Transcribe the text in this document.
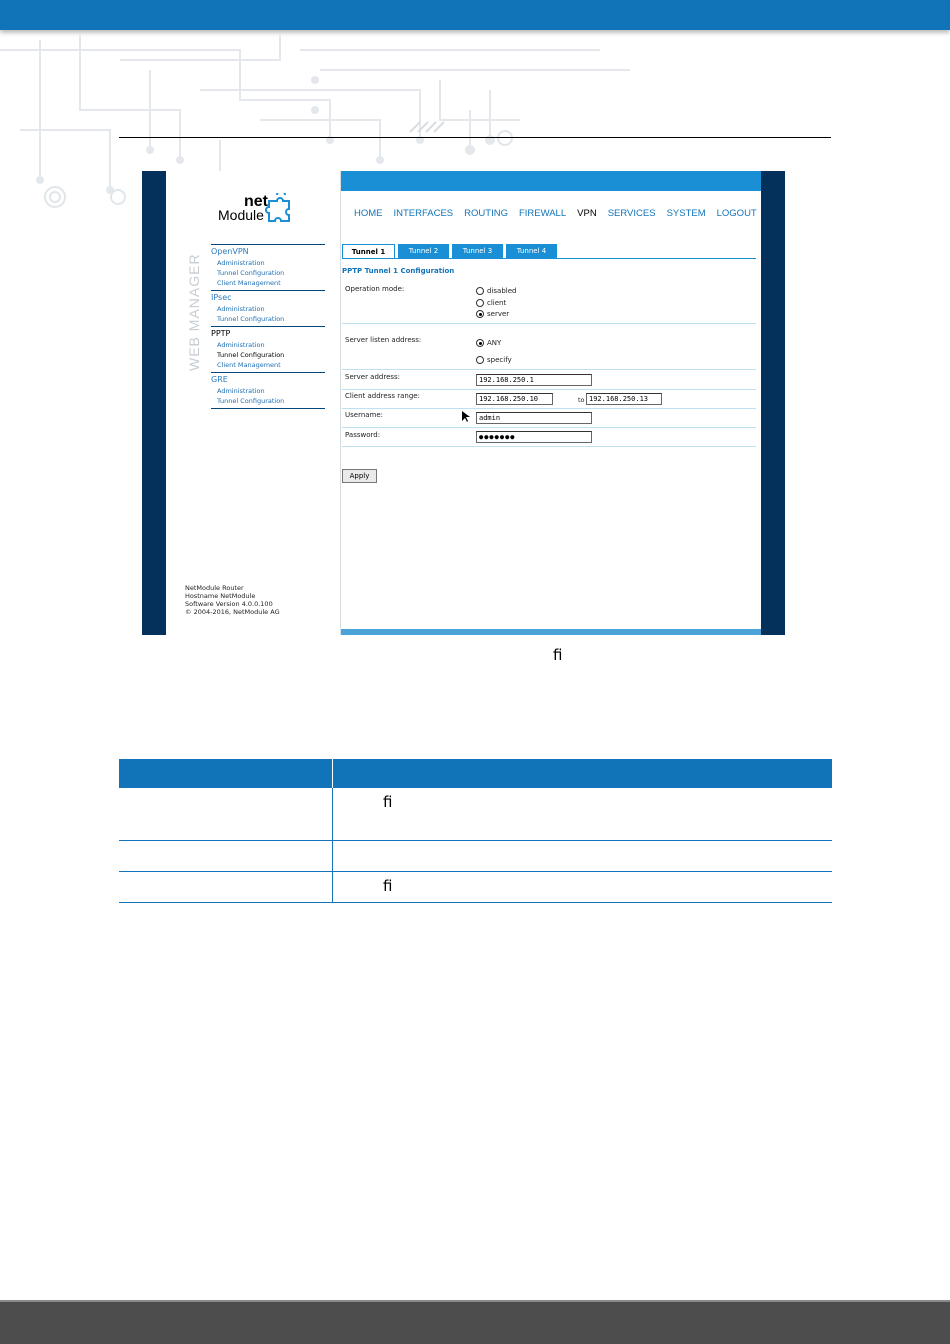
net
Module
WEB MANAGER
OpenVPN
Administration
Tunnel Configuration
Client Management
IPsec
Administration
Tunnel Configuration
PPTP
Administration
Tunnel Configuration
Client Management
GRE
Administration
Tunnel Configuration
NetModule Router
Hostname NetModule
Software Version 4.0.0.100
© 2004-2016, NetModule AG
HOME INTERFACES ROUTING FIREWALL VPN SERVICES SYSTEM LOGOUT
Tunnel 1	Tunnel 2	Tunnel 3	Tunnel 4
PPTP Tunnel 1 Configuration
Operation mode:	disabled
client
server
Server listen address:	ANY
specify
Server address:	192.168.250.1
Client address range:	192.168.250.10	to 192.168.250.13
Username:	admin
Password:	●●●●●●●
Apply
ﬁ

	ﬁ

	ﬁ
